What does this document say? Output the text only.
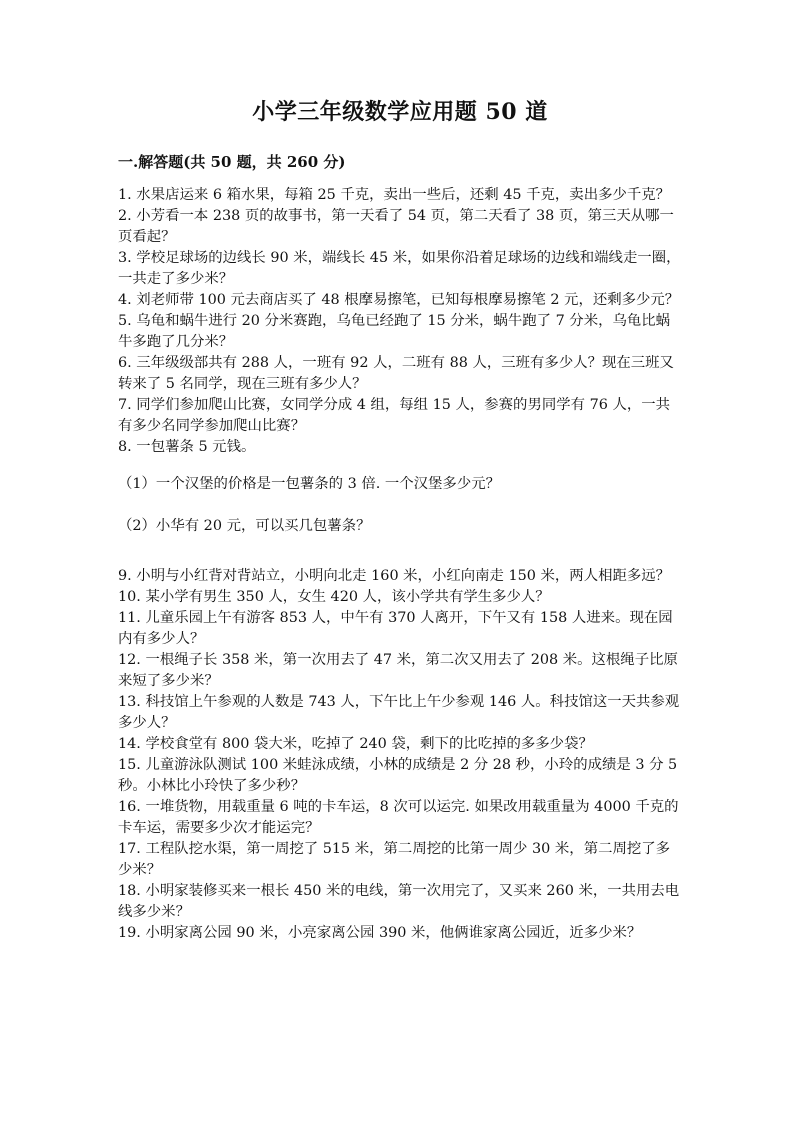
小学三年级数学应用题 50 道
一.解答题(共 50 题，共 260 分)

1. 水果店运来 6 箱水果，每箱 25 千克，卖出一些后，还剩 45 千克，卖出多少千克？

2. 小芳看一本 238 页的故事书，第一天看了 54 页，第二天看了 38 页，第三天从哪一页看起？

3. 学校足球场的边线长 90 米，端线长 45 米，如果你沿着足球场的边线和端线走一圈，一共走了多少米？

4. 刘老师带 100 元去商店买了 48 根摩易擦笔，已知每根摩易擦笔 2 元，还剩多少元？

5. 乌龟和蜗牛进行 20 分米赛跑，乌龟已经跑了 15 分米，蜗牛跑了 7 分米，乌龟比蜗牛多跑了几分米？

6. 三年级级部共有 288 人，一班有 92 人，二班有 88 人，三班有多少人？现在三班又转来了 5 名同学，现在三班有多少人？

7. 同学们参加爬山比赛，女同学分成 4 组，每组 15 人，参赛的男同学有 76 人，一共有多少名同学参加爬山比赛？

8. 一包薯条 5 元钱。

（1）一个汉堡的价格是一包薯条的 3 倍. 一个汉堡多少元？

（2）小华有 20 元，可以买几包薯条？

9. 小明与小红背对背站立，小明向北走 160 米，小红向南走 150 米，两人相距多远？

10. 某小学有男生 350 人，女生 420 人，该小学共有学生多少人？

11. 儿童乐园上午有游客 853 人，中午有 370 人离开，下午又有 158 人进来。现在园内有多少人？

12. 一根绳子长 358 米，第一次用去了 47 米，第二次又用去了 208 米。这根绳子比原来短了多少米？

13. 科技馆上午参观的人数是 743 人，下午比上午少参观 146 人。科技馆这一天共参观多少人？

14. 学校食堂有 800 袋大米，吃掉了 240 袋，剩下的比吃掉的多多少袋？

15. 儿童游泳队测试 100 米蛙泳成绩，小林的成绩是 2 分 28 秒，小玲的成绩是 3 分 5 秒。小林比小玲快了多少秒？

16. 一堆货物，用载重量 6 吨的卡车运，8 次可以运完. 如果改用载重量为 4000 千克的卡车运，需要多少次才能运完？

17. 工程队挖水渠，第一周挖了 515 米，第二周挖的比第一周少 30 米，第二周挖了多少米？

18. 小明家装修买来一根长 450 米的电线，第一次用完了，又买来 260 米，一共用去电线多少米？

19. 小明家离公园 90 米，小亮家离公园 390 米，他俩谁家离公园近，近多少米？
